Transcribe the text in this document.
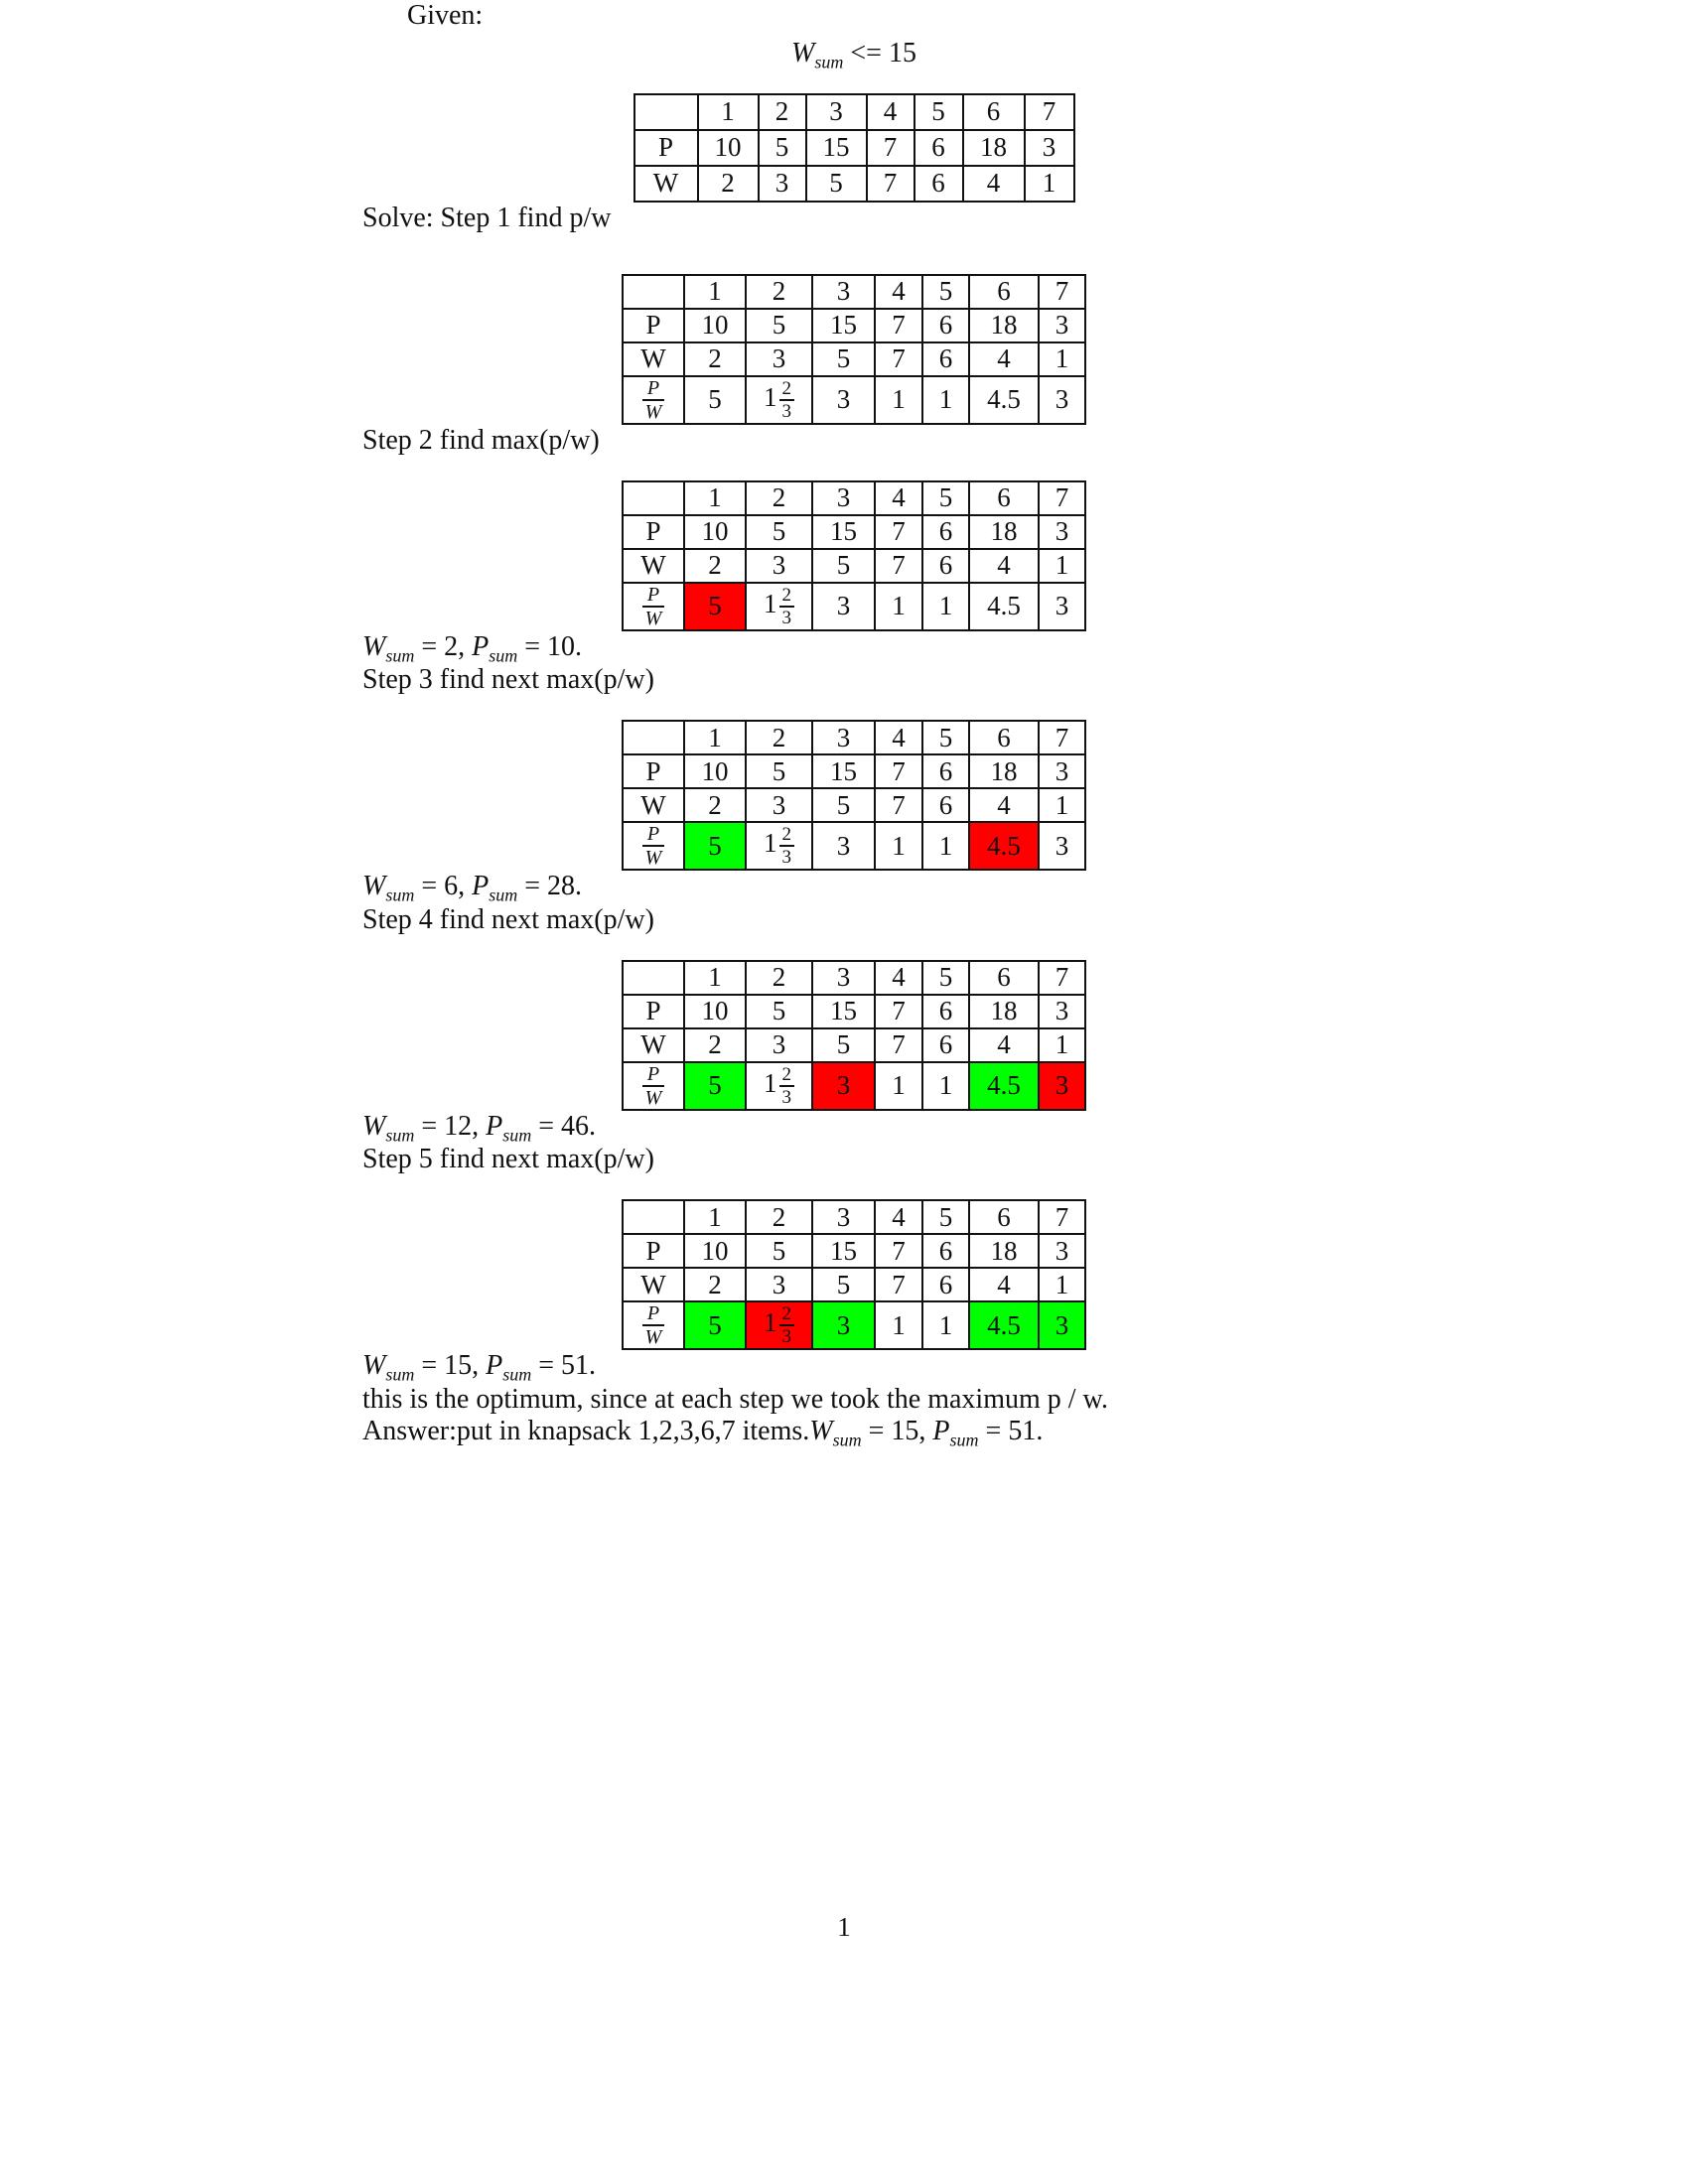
Given:

$W_{sum} <= 15$
	1	2	3	4	5	6	7
P	10	5	15	7	6	18	3
W	2	3	5	7	6	4	1

Solve: Step 1 find p/w

	1	2	3	4	5	6	7
P	10	5	15	7	6	18	3
W	2	3	5	7	6	4	1

$\frac{P}{W}$	5	$1 \frac{2}{3}$	3	1	1	4.5	3

Step 2 find max(p/w)

	1	2	3	4	5	6	7
P	10	5	15	7	6	18	3
W	2	3	5	7	6	4	1

$\frac{P}{W}$	5	$1 \frac{2}{3}$	3	1	1	4.5	3

$W_{sum} = 2$, $P_{sum} = 10$.

Step 3 find next max(p/w)

	1	2	3	4	5	6	7
P	10	5	15	7	6	18	3
W	2	3	5	7	6	4	1

$\frac{P}{W}$	5	$1 \frac{2}{3}$	3	1	1	4.5	3

$W_{sum} = 6$, $P_{sum} = 28$.

Step 4 find next max(p/w)

	1	2	3	4	5	6	7
P	10	5	15	7	6	18	3
W	2	3	5	7	6	4	1

$\frac{P}{W}$	5	$1 \frac{2}{3}$	3	1	1	4.5	3

$W_{sum} = 12$, $P_{sum} = 46$.

Step 5 find next max(p/w)

	1	2	3	4	5	6	7
P	10	5	15	7	6	18	3
W	2	3	5	7	6	4	1

$\frac{P}{W}$	5	$1 \frac{2}{3}$	3	1	1	4.5	3

$W_{sum} = 15$, $P_{sum} = 51$.

this is the optimum, since at each step we took the maximum p / w.

Answer:put in knapsack 1,2,3,6,7 $items.W_{sum} = 15$, $P_{sum} = 51$.

1
